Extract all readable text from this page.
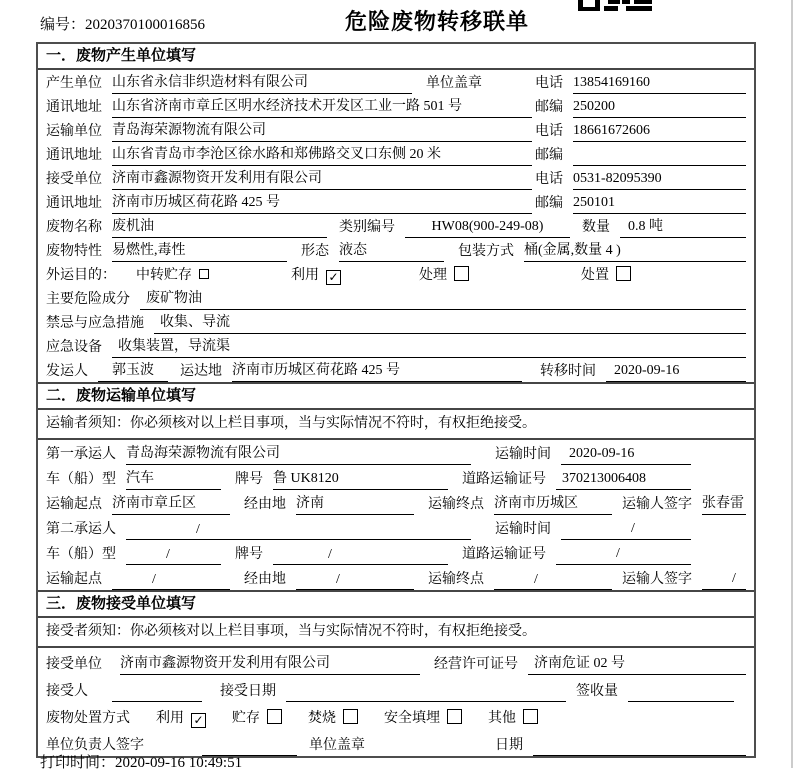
编号：2020370100016856	危险废物转移联单
一．废物产生单位填写
产生单位 山东省永信非织造材料有限公司	单位盖章	电话 13854169160
通讯地址 山东省济南市章丘区明水经济技术开发区工业一路 501 号	邮编 250200
运输单位 青岛海荣源物流有限公司	电话 18661672606
通讯地址 山东省青岛市李沧区徐水路和郑佛路交叉口东侧 20 米	邮编
接受单位 济南市鑫源物资开发利用有限公司	电话 0531-82095390
通讯地址 济南市历城区荷花路 425 号	邮编 250101
废物名称 废机油	类别编号	HW08(900-249-08)	数量	0.8 吨
废物特性 易燃性,毒性	形态 液态	包装方式 桶(金属,数量 4 )
外运目的： 中转贮存	利用 ✓	处理	处置
主要危险成分	废矿物油
禁忌与应急措施	收集、导流
应急设备	收集装置，导流渠
发运人	郭玉波	运达地 济南市历城区荷花路 425 号	转移时间	2020-09-16
二．废物运输单位填写
运输者须知：你必须核对以上栏目事项，当与实际情况不符时，有权拒绝接受。
第一承运人 青岛海荣源物流有限公司	运输时间	2020-09-16
车（船）型 汽车	牌号 鲁 UK8120	道路运输证号	370213006408
运输起点 济南市章丘区	经由地 济南	运输终点 济南市历城区	运输人签字 张春雷
第二承运人	/	运输时间	/
车（船）型	/	牌号	/	道路运输证号	/
运输起点	/	经由地	/	运输终点	/	运输人签字	/
三．废物接受单位填写
接受者须知：你必须核对以上栏目事项，当与实际情况不符时，有权拒绝接受。
接受单位 济南市鑫源物资开发利用有限公司	经营许可证号	济南危证 02 号
接受人	接受日期	签收量
废物处置方式 利用 ✓ 贮存	焚烧	安全填埋	其他
单位负责人签字	单位盖章	日期
打印时间：2020-09-16 10:49:51
